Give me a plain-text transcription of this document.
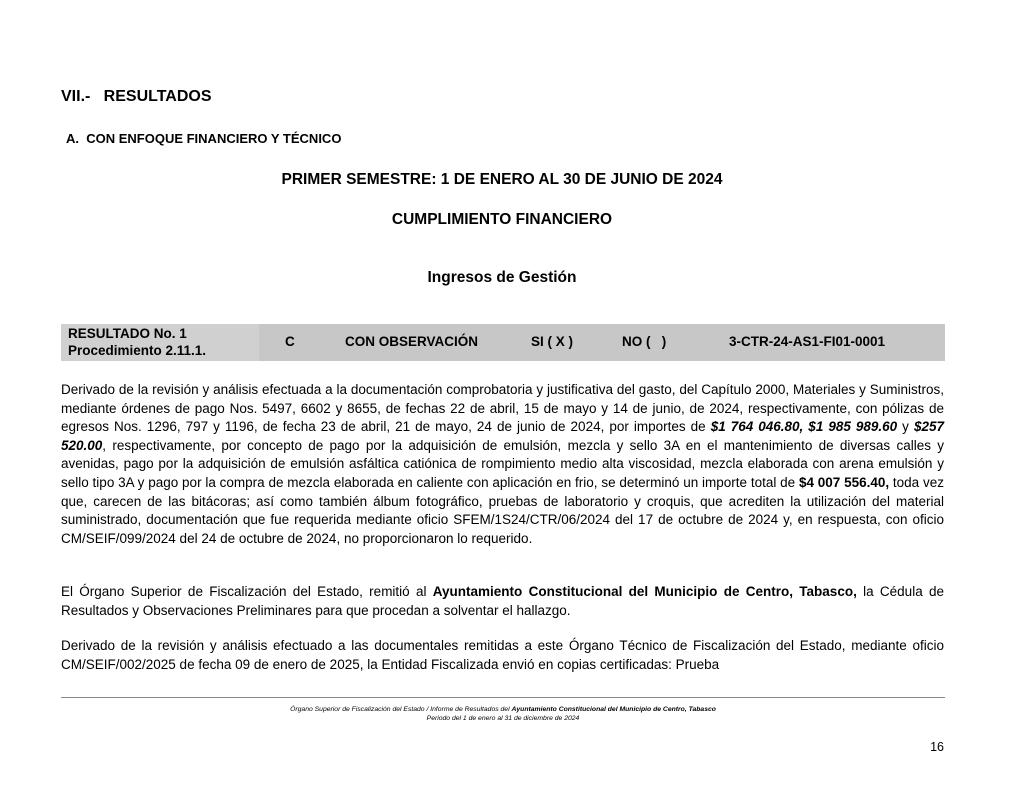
VII.-   RESULTADOS
A.  CON ENFOQUE FINANCIERO Y TÉCNICO
PRIMER SEMESTRE: 1 DE ENERO AL 30 DE JUNIO DE 2024
CUMPLIMIENTO FINANCIERO
Ingresos de Gestión
RESULTADO No. 1
Procedimiento 2.11.1.
C	CON OBSERVACIÓN	SI ( X )	NO (   )	3-CTR-24-AS1-FI01-0001
Derivado de la revisión y análisis efectuada a la documentación comprobatoria y justificativa del gasto, del Capítulo 2000, Materiales y Suministros, mediante órdenes de pago Nos. 5497, 6602 y 8655, de fechas 22 de abril, 15 de mayo y 14 de junio, de 2024, respectivamente, con pólizas de egresos Nos. 1296, 797 y 1196, de fecha 23 de abril, 21 de mayo, 24 de junio de 2024, por importes de $1 764 046.80, $1 985 989.60 y $257 520.00, respectivamente, por concepto de pago por la adquisición de emulsión, mezcla y sello 3A en el mantenimiento de diversas calles y avenidas, pago por la adquisición de emulsión asfáltica catiónica de rompimiento medio alta viscosidad, mezcla elaborada con arena emulsión y sello tipo 3A y pago por la compra de mezcla elaborada en caliente con aplicación en frio, se determinó un importe total de $4 007 556.40, toda vez que, carecen de las bitácoras; así como también álbum fotográfico, pruebas de laboratorio y croquis, que acrediten la utilización del material suministrado, documentación que fue requerida mediante oficio SFEM/1S24/CTR/06/2024 del 17 de octubre de 2024 y, en respuesta, con oficio CM/SEIF/099/2024 del 24 de octubre de 2024, no proporcionaron lo requerido.
El Órgano Superior de Fiscalización del Estado, remitió al Ayuntamiento Constitucional del Municipio de Centro, Tabasco, la Cédula de Resultados y Observaciones Preliminares para que procedan a solventar el hallazgo.
Derivado de la revisión y análisis efectuado a las documentales remitidas a este Órgano Técnico de Fiscalización del Estado, mediante oficio CM/SEIF/002/2025 de fecha 09 de enero de 2025, la Entidad Fiscalizada envió en copias certificadas: Prueba
Órgano Superior de Fiscalización del Estado / Informe de Resultados del Ayuntamiento Constitucional del Municipio de Centro, Tabasco
Periodo del 1 de enero al 31 de diciembre de 2024
16
